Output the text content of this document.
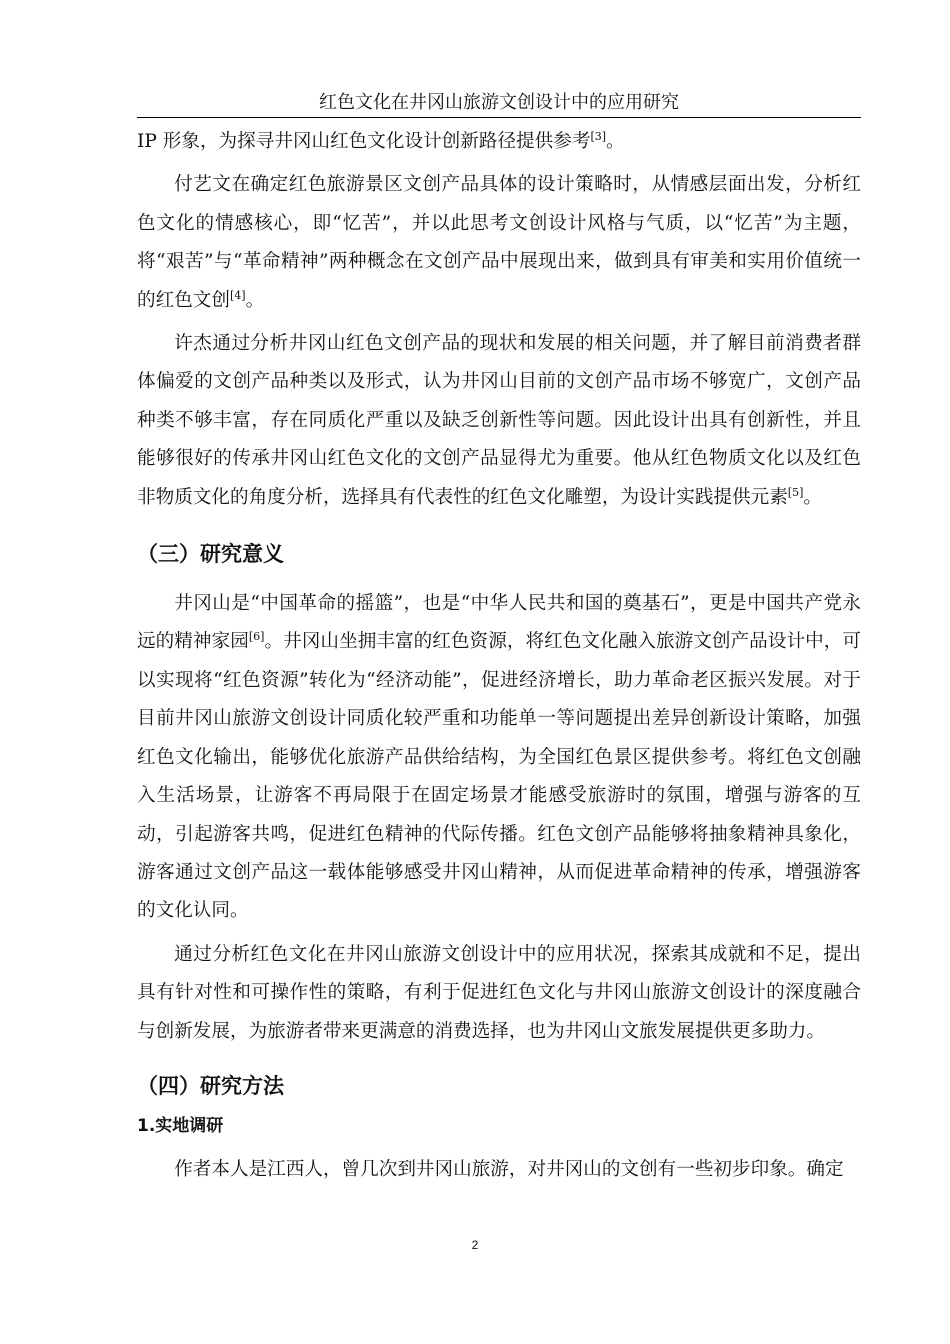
红色文化在井冈山旅游文创设计中的应用研究

IP 形象，为探寻井冈山红色文化设计创新路径提供参考[3]。

付艺文在确定红色旅游景区文创产品具体的设计策略时，从情感层面出发，分析红色文化的情感核心，即“忆苦”，并以此思考文创设计风格与气质，以“忆苦”为主题，将“艰苦”与“革命精神”两种概念在文创产品中展现出来，做到具有审美和实用价值统一的红色文创[4]。

许杰通过分析井冈山红色文创产品的现状和发展的相关问题，并了解目前消费者群体偏爱的文创产品种类以及形式，认为井冈山目前的文创产品市场不够宽广，文创产品种类不够丰富，存在同质化严重以及缺乏创新性等问题。因此设计出具有创新性，并且能够很好的传承井冈山红色文化的文创产品显得尤为重要。他从红色物质文化以及红色非物质文化的角度分析，选择具有代表性的红色文化雕塑，为设计实践提供元素[5]。

（三）研究意义

井冈山是“中国革命的摇篮”，也是“中华人民共和国的奠基石”，更是中国共产党永远的精神家园[6]。井冈山坐拥丰富的红色资源，将红色文化融入旅游文创产品设计中，可以实现将“红色资源”转化为“经济动能”，促进经济增长，助力革命老区振兴发展。对于目前井冈山旅游文创设计同质化较严重和功能单一等问题提出差异创新设计策略，加强红色文化输出，能够优化旅游产品供给结构，为全国红色景区提供参考。将红色文创融入生活场景，让游客不再局限于在固定场景才能感受旅游时的氛围，增强与游客的互动，引起游客共鸣，促进红色精神的代际传播。红色文创产品能够将抽象精神具象化，游客通过文创产品这一载体能够感受井冈山精神，从而促进革命精神的传承，增强游客的文化认同。

通过分析红色文化在井冈山旅游文创设计中的应用状况，探索其成就和不足，提出具有针对性和可操作性的策略，有利于促进红色文化与井冈山旅游文创设计的深度融合与创新发展，为旅游者带来更满意的消费选择，也为井冈山文旅发展提供更多助力。

（四）研究方法
1.实地调研

作者本人是江西人，曾几次到井冈山旅游，对井冈山的文创有一些初步印象。确定

2
